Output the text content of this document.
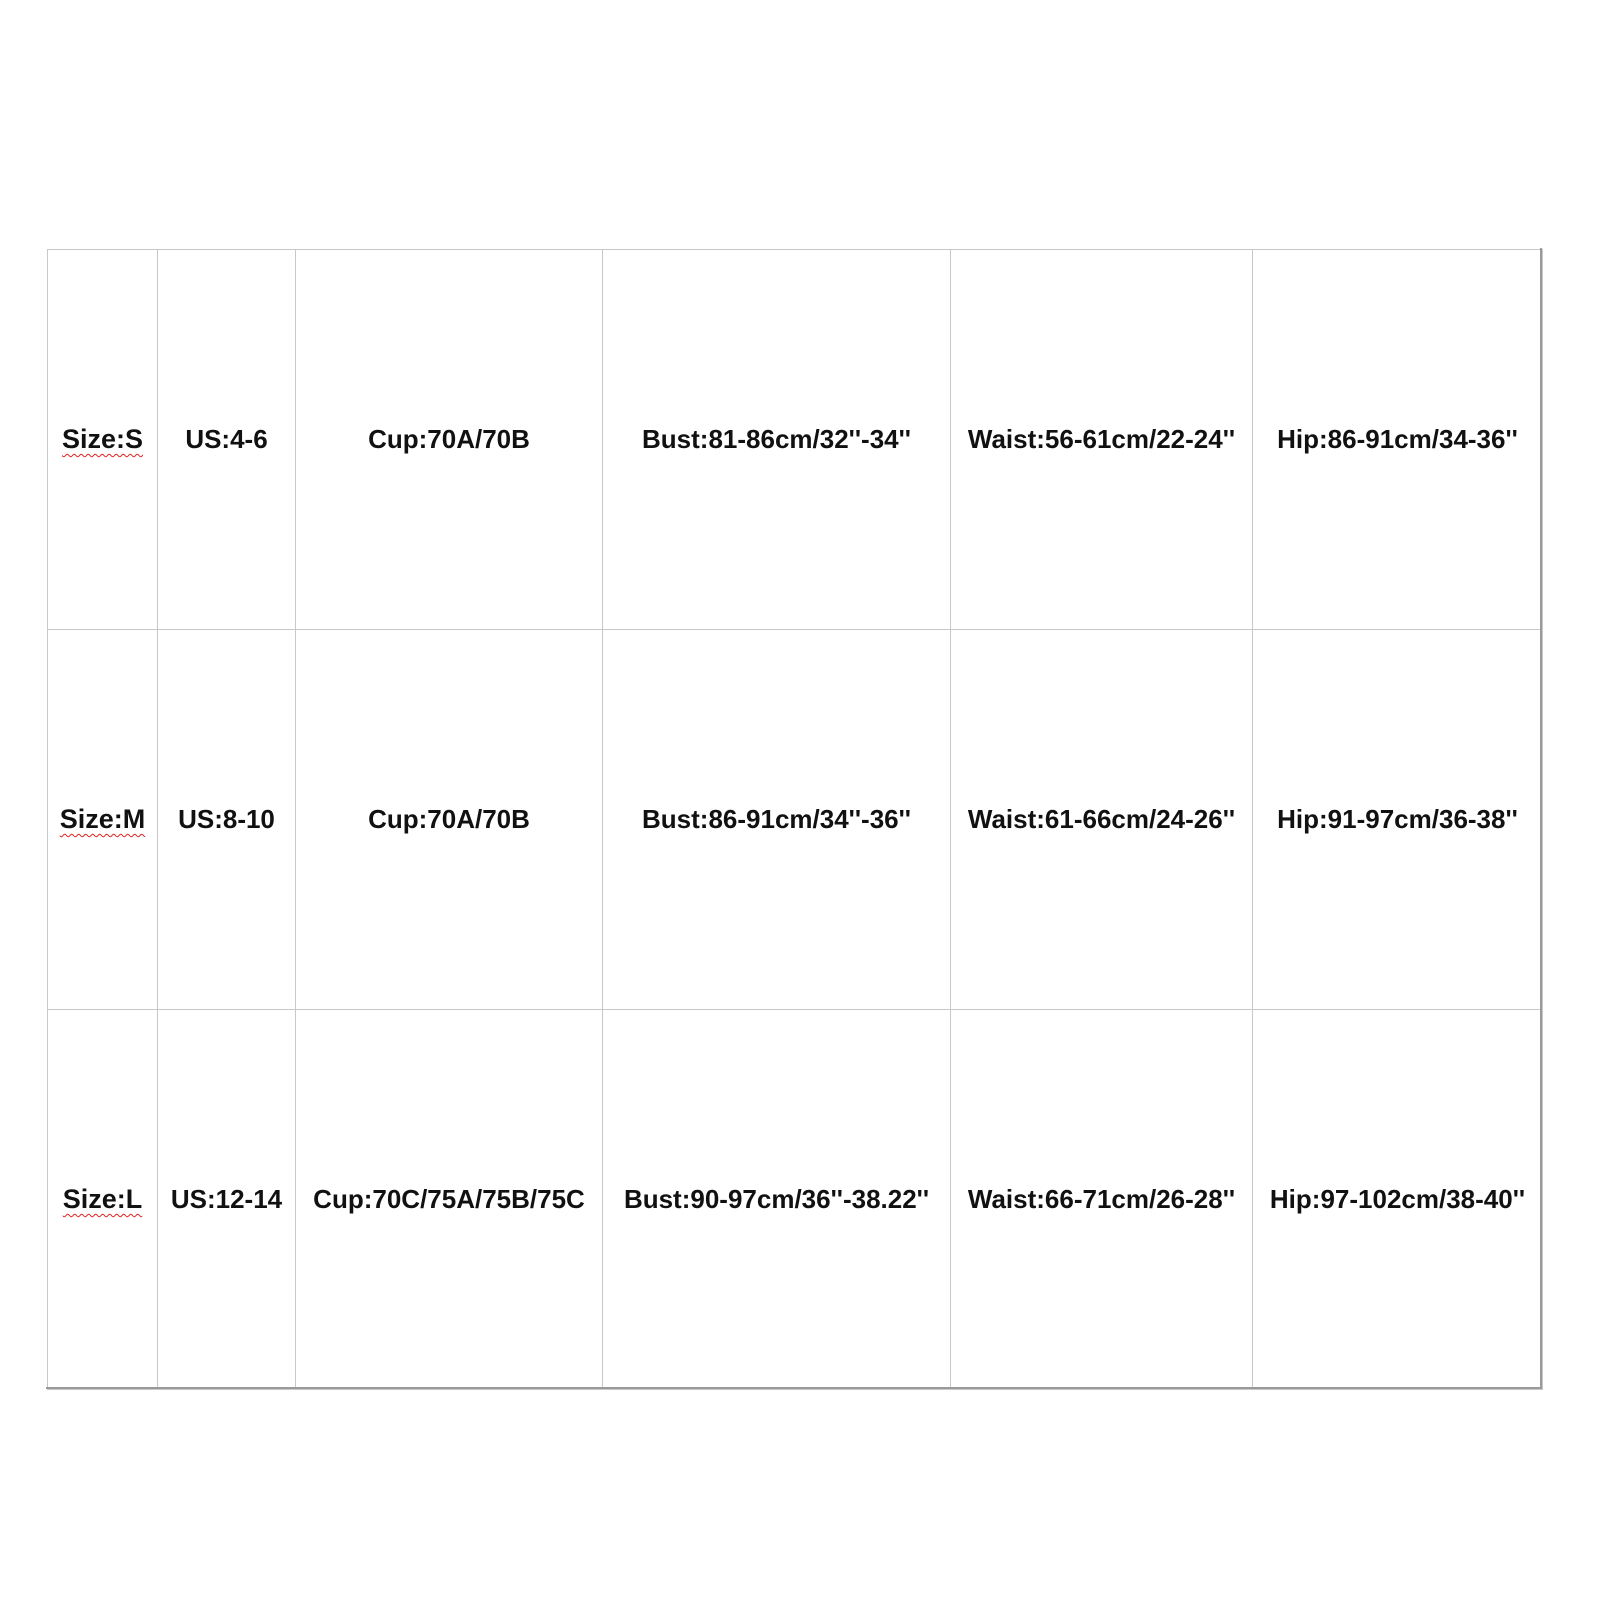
Size:S	US:4-6	Cup:70A/70B	Bust:81-86cm/32''-34''	Waist:56-61cm/22-24''	Hip:86-91cm/34-36''
Size:M	US:8-10	Cup:70A/70B	Bust:86-91cm/34''-36''	Waist:61-66cm/24-26''	Hip:91-97cm/36-38''
Size:L	US:12-14	Cup:70C/75A/75B/75C	Bust:90-97cm/36''-38.22''	Waist:66-71cm/26-28''	Hip:97-102cm/38-40''
